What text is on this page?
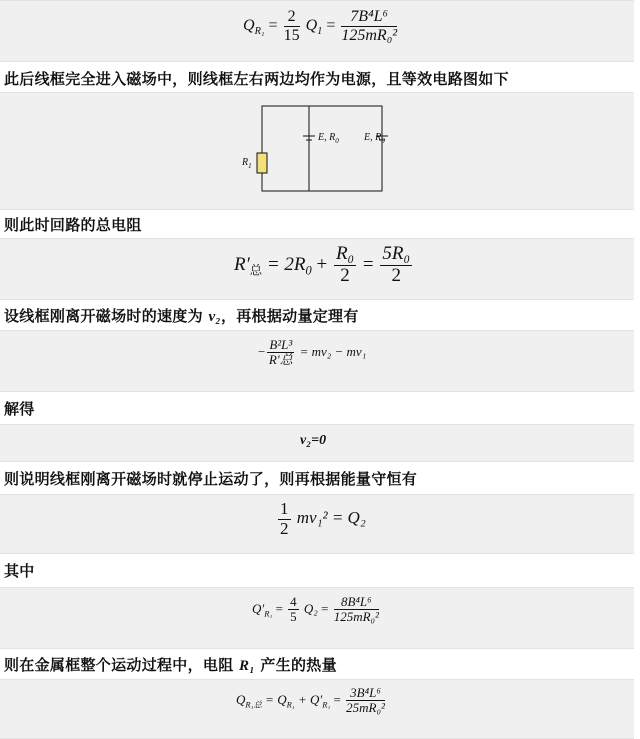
$Q_{R_1} = \frac{2}{15} Q_1 = \frac{\text{7B⁴L⁶}}{\text{125mR₀²}}$
此后线框完全进入磁场中，则线框左右两边均作为电源，且等效电路图如下
$R_1$
E, $R_0$	E, $R_0$
则此时回路的总电阻
$R'_总 = 2R_0 + \frac{\text{R₀}}{2} = \frac{\text{5R₀}}{2}$
设线框刚离开磁场时的速度为 v₂，再根据动量定理有
− $\frac{\text{B²L³}}{\text{R′总}} = mv_2 - mv_1$
解得
v₂=0
则说明线框刚离开磁场时就停止运动了，则再根据能量守恒有
$\frac{1}{2} mv_1^2 = Q_2$
其中
$Q'_{R_1} = \frac{4}{5} Q_2 = \frac{\text{8B⁴L⁶}}{\text{125mR₀²}}$
则在金属框整个运动过程中，电阻 R₁ 产生的热量
$Q_{R_1总} = Q_{R_1} + Q'_{R_1} = \frac{\text{3B⁴L⁶}}{\text{25mR₀²}}$
